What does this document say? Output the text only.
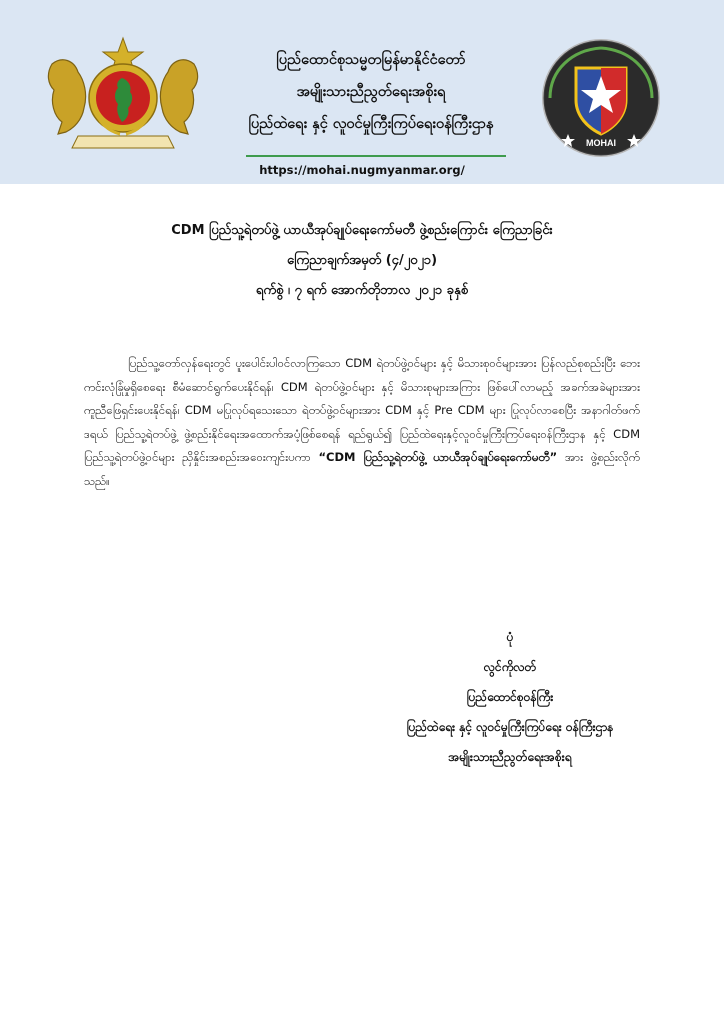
ပြည်ထောင်စုသမ္မတမြန်မာနိုင်ငံတော်
အမျိုးသားညီညွတ်ရေးအစိုးရ
ပြည်ထဲရေး နှင့် လူဝင်မှုကြီးကြပ်ရေးဝန်ကြီးဌာန
https://mohai.nugmyanmar.org/
MOHAI
CDM ပြည်သူ့ရဲတပ်ဖွဲ့ ယာယီအုပ်ချုပ်ရေးကော်မတီ ဖွဲ့စည်းကြောင်း ကြေညာခြင်း
ကြေညာချက်အမှတ် (၄/၂၀၂၁)
ရက်စွဲ ၊ ၇ ရက် အောက်တိုဘာလ ၂၀၂၁ ခုနှစ်
ပြည်သူ့တော်လှန်ရေးတွင် ပူးပေါင်းပါဝင်လာကြသော CDM ရဲတပ်ဖွဲ့ဝင်များ နှင့် မိသားစုဝင်များအား ပြန်လည်စုစည်းပြီး ဘေးကင်းလုံခြုံမှုရှိစေရေး စီမံဆောင်ရွက်ပေးနိုင်ရန်၊ CDM ရဲတပ်ဖွဲ့ဝင်များ နှင့် မိသားစုများအကြား ဖြစ်ပေါ်လာမည့် အခက်အခဲများအား ကူညီဖြေရှင်းပေးနိုင်ရန်၊ CDM မပြုလုပ်ရသေးသော ရဲတပ်ဖွဲ့ဝင်များအား CDM နှင့် Pre CDM များ ပြုလုပ်လာစေပြီး အနာဂါတ်ဖက်ဒရယ် ပြည်သူ့ရဲတပ်ဖွဲ့ ဖွဲ့စည်းနိုင်ရေးအထောက်အပံ့ဖြစ်စေရန် ရည်ရွယ်၍ ပြည်ထဲရေးနှင့်လူဝင်မှုကြီးကြပ်ရေးဝန်ကြီးဌာန နှင့် CDM ပြည်သူ့ရဲတပ်ဖွဲ့ဝင်များ ညှိနှိုင်းအစည်းအဝေးကျင်းပကာ “CDM ပြည်သူ့ရဲတပ်ဖွဲ့ ယာယီအုပ်ချုပ်ရေးကော်မတီ” အား ဖွဲ့စည်းလိုက်သည်။
ပုံ
လွင်ကိုလတ်
ပြည်ထောင်စုဝန်ကြီး
ပြည်ထဲရေး နှင့် လူဝင်မှုကြီးကြပ်ရေး ဝန်ကြီးဌာန
အမျိုးသားညီညွတ်ရေးအစိုးရ
